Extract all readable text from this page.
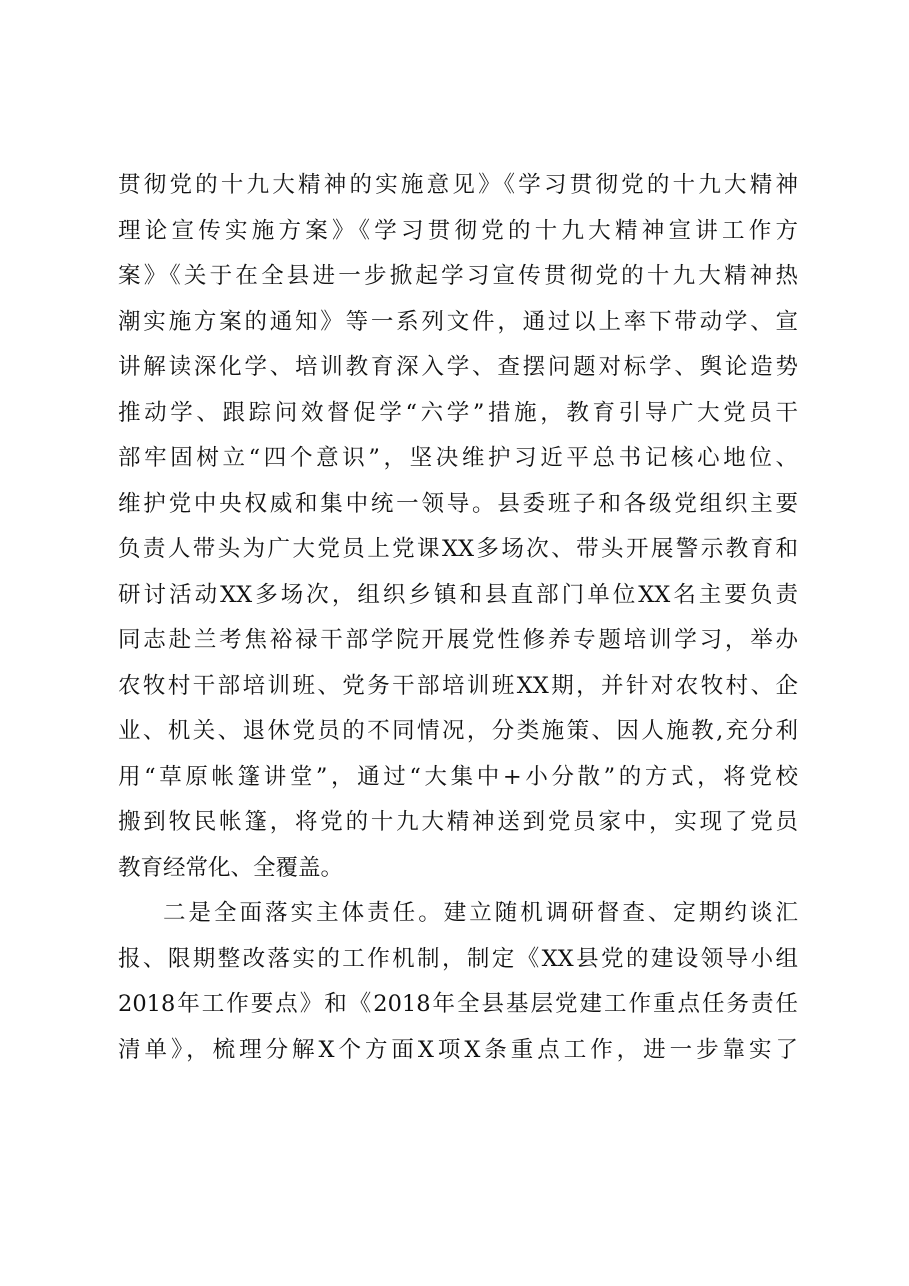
贯彻党的十九大精神的实施意见》《学习贯彻党的十九大精神
理论宣传实施方案》《学习贯彻党的十九大精神宣讲工作方
案》《关于在全县进一步掀起学习宣传贯彻党的十九大精神热
潮实施方案的通知》等一系列文件，通过以上率下带动学、宣
讲解读深化学、培训教育深入学、查摆问题对标学、舆论造势
推动学、跟踪问效督促学“六学”措施，教育引导广大党员干
部牢固树立“四个意识”，坚决维护习近平总书记核心地位、
维护党中央权威和集中统一领导。县委班子和各级党组织主要
负责人带头为广大党员上党课XX多场次、带头开展警示教育和
研讨活动XX多场次，组织乡镇和县直部门单位XX名主要负责
同志赴兰考焦裕禄干部学院开展党性修养专题培训学习，举办
农牧村干部培训班、党务干部培训班XX期，并针对农牧村、企
业、机关、退休党员的不同情况，分类施策、因人施教,充分利
用“草原帐篷讲堂”，通过“大集中+小分散”的方式，将党校
搬到牧民帐篷，将党的十九大精神送到党员家中，实现了党员
教育经常化、全覆盖。
二是全面落实主体责任。建立随机调研督查、定期约谈汇
报、限期整改落实的工作机制，制定《XX县党的建设领导小组
2018年工作要点》和《2018年全县基层党建工作重点任务责任
清单》，梳理分解X个方面X项X条重点工作，进一步靠实了
